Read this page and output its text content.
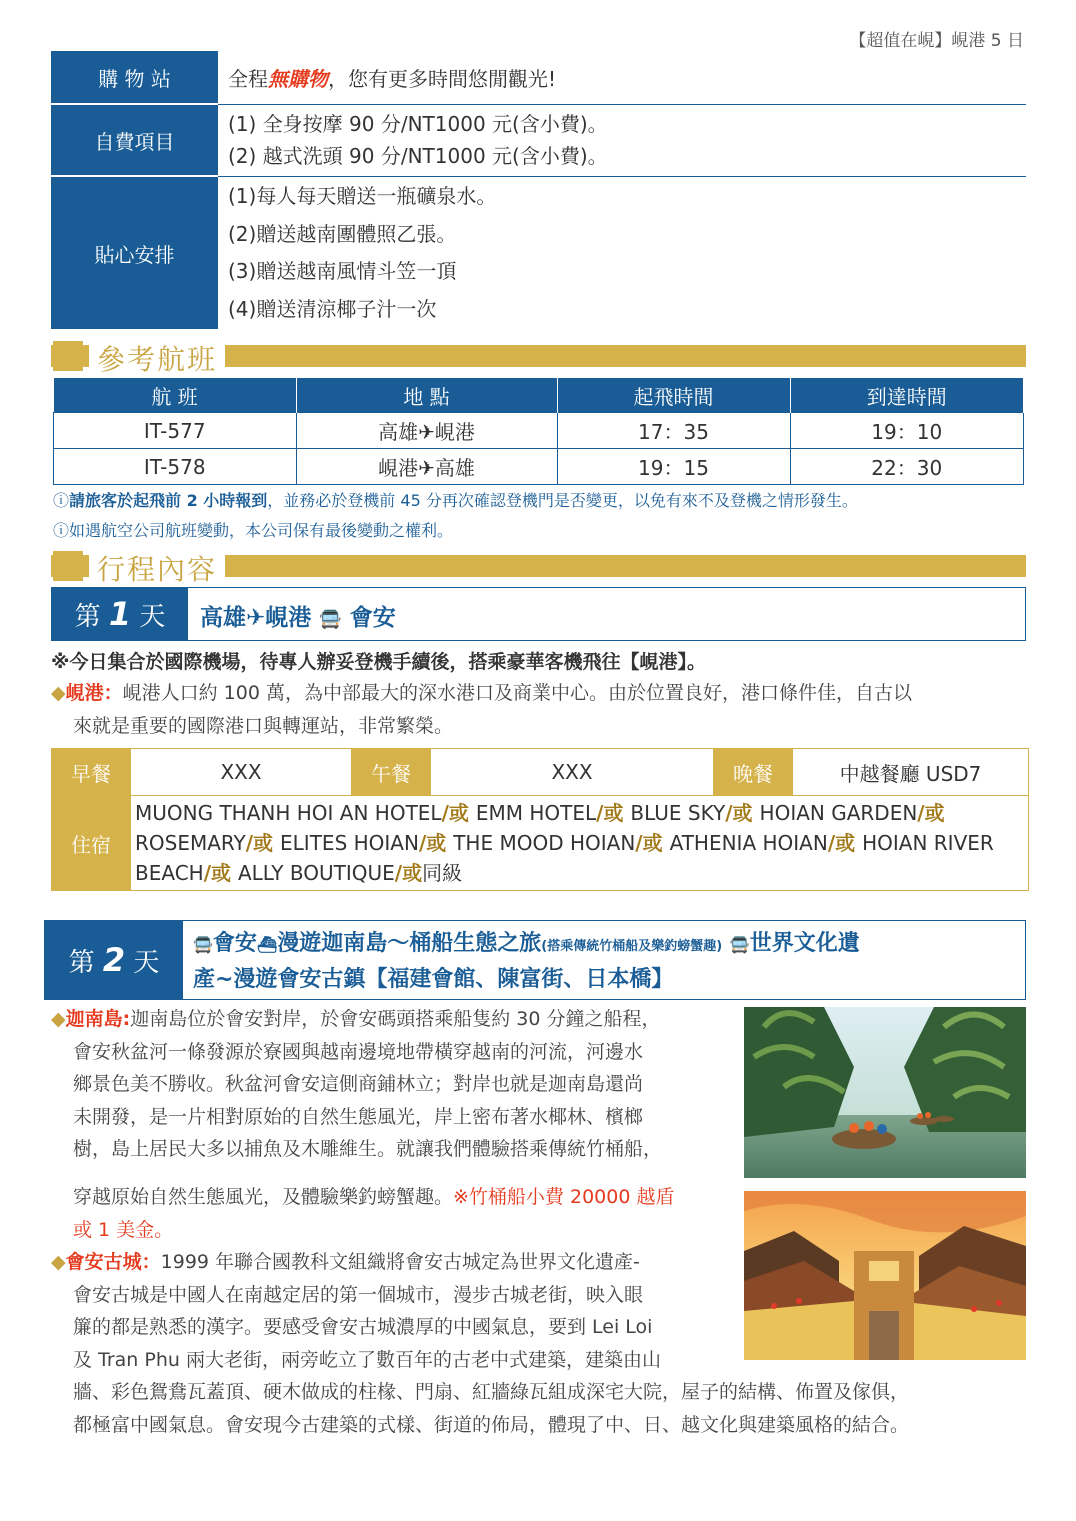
【超值在峴】峴港 5 日
購 物 站	全程無購物，您有更多時間悠閒觀光!
自費項目	(1) 全身按摩 90 分/NT1000 元(含小費)。
(2) 越式洗頭 90 分/NT1000 元(含小費)。

貼心安排	(1)每人每天贈送一瓶礦泉水。
(2)贈送越南團體照乙張。
(3)贈送越南風情斗笠一頂
(4)贈送清涼椰子汁一次
參考航班
航 班	地 點	起飛時間	到達時間
IT-577	高雄✈峴港	17：35	19：10
IT-578	峴港✈高雄	19：15	22：30
ⓘ請旅客於起飛前 2 小時報到，並務必於登機前 45 分再次確認登機門是否變更，以免有來不及登機之情形發生。
ⓘ如遇航空公司航班變動，本公司保有最後變動之權利。
行程內容
第 1 天	高雄✈峴港 🚍 會安
※今日集合於國際機場，待專人辦妥登機手續後，搭乘豪華客機飛往【峴港】。
◆峴港：峴港人口約 100 萬，為中部最大的深水港口及商業中心。由於位置良好，港口條件佳，自古以
來就是重要的國際港口與轉運站，非常繁榮。
早餐	XXX	午餐	XXX	晚餐	中越餐廳 USD7
住宿	MUONG THANH HOI AN HOTEL/或 EMM HOTEL/或 BLUE SKY/或 HOIAN GARDEN/或
ROSEMARY/或 ELITES HOIAN/或 THE MOOD HOIAN/或 ATHENIA HOIAN/或 HOIAN RIVER BEACH/或 ALLY BOUTIQUE/或同級				
第 2 天
🚍會安⛴漫遊迦南島～桶船生態之旅(搭乘傳統竹桶船及樂釣螃蟹趣) 🚍世界文化遺
產~漫遊會安古鎮【福建會館、陳富街、日本橋】
◆迦南島:迦南島位於會安對岸，於會安碼頭搭乘船隻約 30 分鐘之船程，
會安秋盆河一條發源於寮國與越南邊境地帶橫穿越南的河流，河邊水
鄉景色美不勝收。秋盆河會安這側商鋪林立；對岸也就是迦南島還尚
未開發，是一片相對原始的自然生態風光，岸上密布著水椰林、檳榔
樹，島上居民大多以捕魚及木雕維生。就讓我們體驗搭乘傳統竹桶船，
穿越原始自然生態風光，及體驗樂釣螃蟹趣。※竹桶船小費 20000 越盾
或 1 美金。
◆會安古城：1999 年聯合國教科文組織將會安古城定為世界文化遺產-
會安古城是中國人在南越定居的第一個城市，漫步古城老街，映入眼
簾的都是熟悉的漢字。要感受會安古城濃厚的中國氣息，要到 Lei Loi
及 Tran Phu 兩大老街，兩旁屹立了數百年的古老中式建築，建築由山
牆、彩色鴛鴦瓦蓋頂、硬木做成的柱椽、門扇、紅牆綠瓦組成深宅大院，屋子的結構、佈置及傢俱，
都極富中國氣息。會安現今古建築的式樣、街道的佈局，體現了中、日、越文化與建築風格的結合。
